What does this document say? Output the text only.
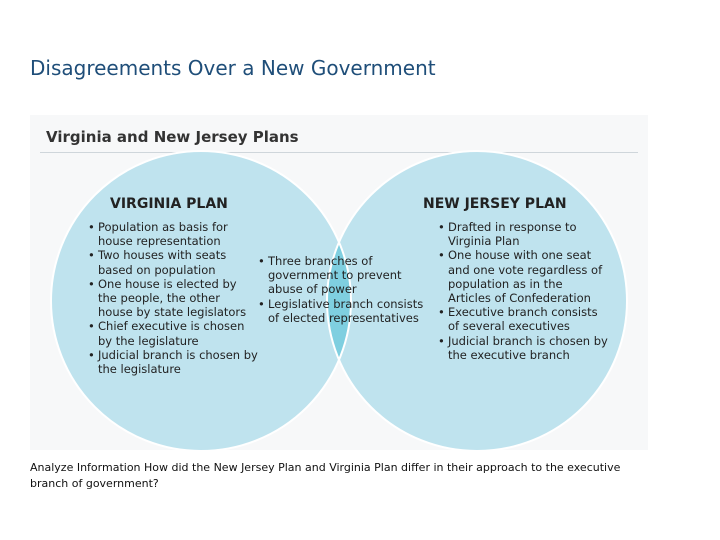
Disagreements Over a New Government
Virginia and New Jersey Plans
VIRGINIA PLAN
• Population as basis for house representation
• Two houses with seats based on population
• One house is elected by the people, the other house by state legislators
• Chief executive is chosen by the legislature
• Judicial branch is chosen by the legislature
• Three branches of government to prevent abuse of power
• Legislative branch consists of elected representatives
NEW JERSEY PLAN
• Drafted in response to Virginia Plan
• One house with one seat and one vote regardless of population as in the Articles of Confederation
• Executive branch consists of several executives
• Judicial branch is chosen by the executive branch
Analyze Information How did the New Jersey Plan and Virginia Plan differ in their approach to the executive branch of government?
